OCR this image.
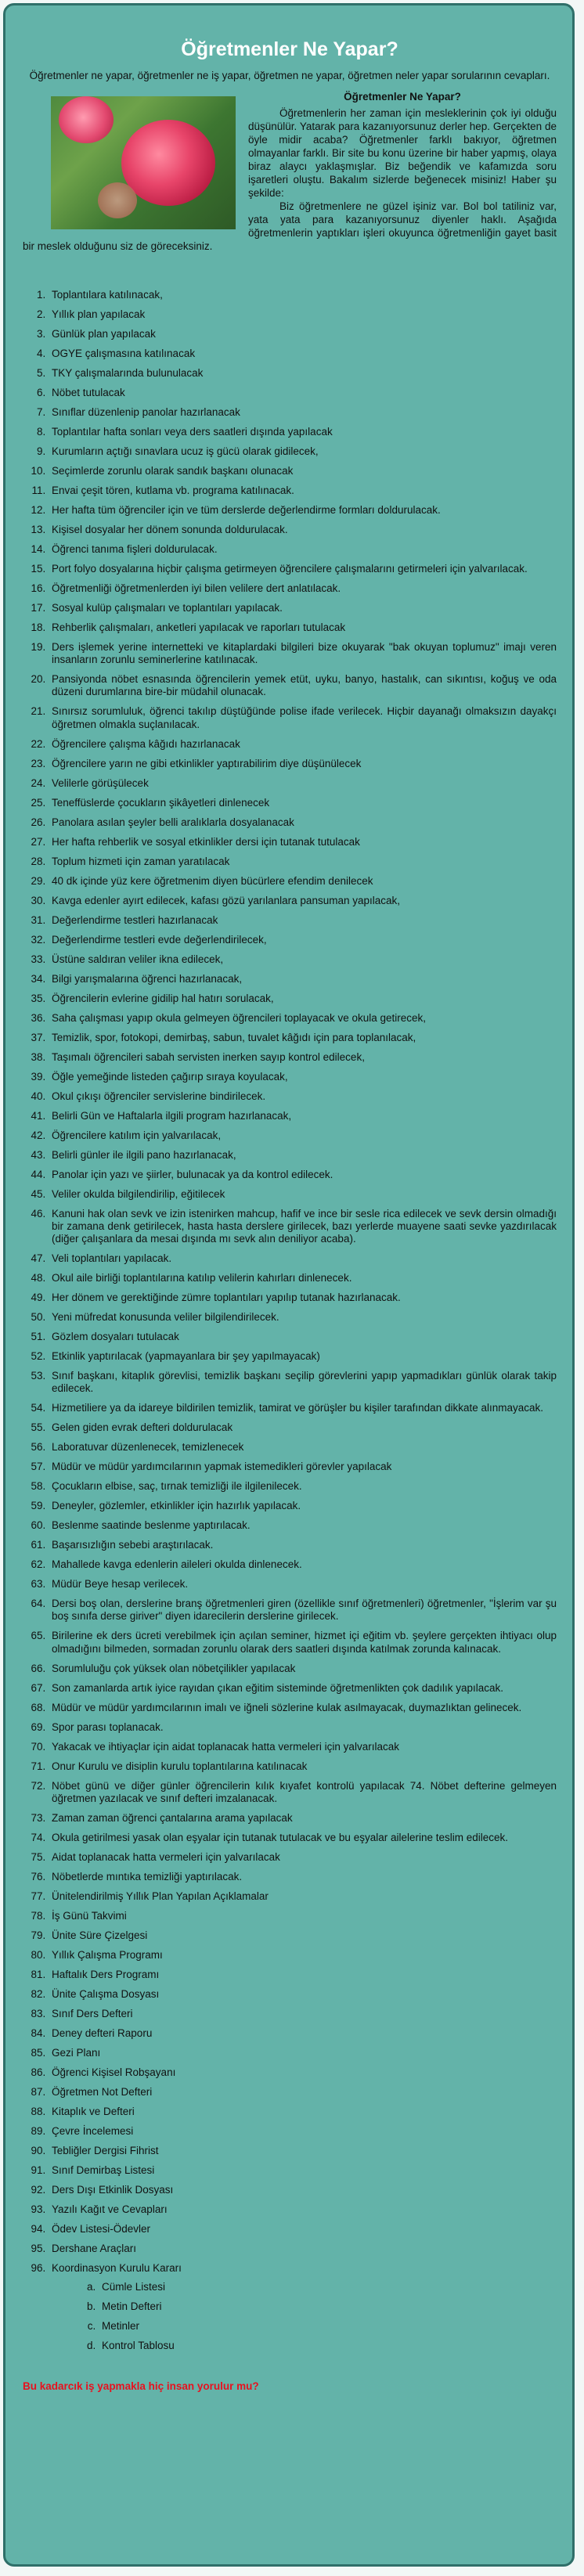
Öğretmenler Ne Yapar?

Öğretmenler ne yapar, öğretmenler ne iş yapar, öğretmen ne yapar, öğretmen neler yapar sorularının cevapları.

Öğretmenler Ne Yapar?

Öğretmenlerin her zaman için mesleklerinin çok iyi olduğu düşünülür. Yatarak para kazanıyorsunuz derler hep. Gerçekten de öyle midir acaba? Öğretmenler farklı bakıyor, öğretmen olmayanlar farklı. Bir site bu konu üzerine bir haber yapmış, olaya biraz alaycı yaklaşmışlar. Biz beğendik ve kafamızda soru işaretleri oluştu. Bakalım sizlerde beğenecek misiniz! Haber şu şekilde:

Biz öğretmenlere ne güzel işiniz var. Bol bol tatiliniz var, yata yata para kazanıyorsunuz diyenler haklı. Aşağıda öğretmenlerin yaptıkları işleri okuyunca öğretmenliğin gayet basit bir meslek olduğunu siz de göreceksiniz.

1. Toplantılara katılınacak,
2. Yıllık plan yapılacak
3. Günlük plan yapılacak
4. OGYE çalışmasına katılınacak
5. TKY çalışmalarında bulunulacak
6. Nöbet tutulacak
7. Sınıflar düzenlenip panolar hazırlanacak
8. Toplantılar hafta sonları veya ders saatleri dışında yapılacak
9. Kurumların açtığı sınavlara ucuz iş gücü olarak gidilecek,
10. Seçimlerde zorunlu olarak sandık başkanı olunacak
11. Envai çeşit tören, kutlama vb. programa katılınacak.
12. Her hafta tüm öğrenciler için ve tüm derslerde değerlendirme formları doldurulacak.
13. Kişisel dosyalar her dönem sonunda doldurulacak.
14. Öğrenci tanıma fişleri doldurulacak.
15. Port folyo dosyalarına hiçbir çalışma getirmeyen öğrencilere çalışmalarını getirmeleri için yalvarılacak.
16. Öğretmenliği öğretmenlerden iyi bilen velilere dert anlatılacak.
17. Sosyal kulüp çalışmaları ve toplantıları yapılacak.
18. Rehberlik çalışmaları, anketleri yapılacak ve raporları tutulacak
19. Ders işlemek yerine internetteki ve kitaplardaki bilgileri bize okuyarak "bak okuyan toplumuz" imajı veren insanların zorunlu seminerlerine katılınacak.
20. Pansiyonda nöbet esnasında öğrencilerin yemek etüt, uyku, banyo, hastalık, can sıkıntısı, koğuş ve oda düzeni durumlarına bire-bir müdahil olunacak.
21. Sınırsız sorumluluk, öğrenci takılıp düştüğünde polise ifade verilecek. Hiçbir dayanağı olmaksızın dayakçı öğretmen olmakla suçlanılacak.
22. Öğrencilere çalışma kâğıdı hazırlanacak
23. Öğrencilere yarın ne gibi etkinlikler yaptırabilirim diye düşünülecek
24. Velilerle görüşülecek
25. Teneffüslerde çocukların şikâyetleri dinlenecek
26. Panolara asılan şeyler belli aralıklarla dosyalanacak
27. Her hafta rehberlik ve sosyal etkinlikler dersi için tutanak tutulacak
28. Toplum hizmeti için zaman yaratılacak
29. 40 dk içinde yüz kere öğretmenim diyen bücürlere efendim denilecek
30. Kavga edenler ayırt edilecek, kafası gözü yarılanlara pansuman yapılacak,
31. Değerlendirme testleri hazırlanacak
32. Değerlendirme testleri evde değerlendirilecek,
33. Üstüne saldıran veliler ikna edilecek,
34. Bilgi yarışmalarına öğrenci hazırlanacak,
35. Öğrencilerin evlerine gidilip hal hatırı sorulacak,
36. Saha çalışması yapıp okula gelmeyen öğrencileri toplayacak ve okula getirecek,
37. Temizlik, spor, fotokopi, demirbaş, sabun, tuvalet kâğıdı için para toplanılacak,
38. Taşımalı öğrencileri sabah servisten inerken sayıp kontrol edilecek,
39. Öğle yemeğinde listeden çağırıp sıraya koyulacak,
40. Okul çıkışı öğrenciler servislerine bindirilecek.
41. Belirli Gün ve Haftalarla ilgili program hazırlanacak,
42. Öğrencilere katılım için yalvarılacak,
43. Belirli günler ile ilgili pano hazırlanacak,
44. Panolar için yazı ve şiirler, bulunacak ya da kontrol edilecek.
45. Veliler okulda bilgilendirilip, eğitilecek
46. Kanuni hak olan sevk ve izin istenirken mahcup, hafif ve ince bir sesle rica edilecek ve sevk dersin olmadığı bir zamana denk getirilecek, hasta hasta derslere girilecek, bazı yerlerde muayene saati sevke yazdırılacak (diğer çalışanlara da mesai dışında mı sevk alın deniliyor acaba).
47. Veli toplantıları yapılacak.
48. Okul aile birliği toplantılarına katılıp velilerin kahırları dinlenecek.
49. Her dönem ve gerektiğinde zümre toplantıları yapılıp tutanak hazırlanacak.
50. Yeni müfredat konusunda veliler bilgilendirilecek.
51. Gözlem dosyaları tutulacak
52. Etkinlik yaptırılacak (yapmayanlara bir şey yapılmayacak)
53. Sınıf başkanı, kitaplık görevlisi, temizlik başkanı seçilip görevlerini yapıp yapmadıkları günlük olarak takip edilecek.
54. Hizmetiliere ya da idareye bildirilen temizlik, tamirat ve görüşler bu kişiler tarafından dikkate alınmayacak.
55. Gelen giden evrak defteri doldurulacak
56. Laboratuvar düzenlenecek, temizlenecek
57. Müdür ve müdür yardımcılarının yapmak istemedikleri görevler yapılacak
58. Çocukların elbise, saç, tırnak temizliği ile ilgilenilecek.
59. Deneyler, gözlemler, etkinlikler için hazırlık yapılacak.
60. Beslenme saatinde beslenme yaptırılacak.
61. Başarısızlığın sebebi araştırılacak.
62. Mahallede kavga edenlerin aileleri okulda dinlenecek.
63. Müdür Beye hesap verilecek.
64. Dersi boş olan, derslerine branş öğretmenleri giren (özellikle sınıf öğretmenleri) öğretmenler, "İşlerim var şu boş sınıfa derse giriver" diyen idarecilerin derslerine girilecek.
65. Birilerine ek ders ücreti verebilmek için açılan seminer, hizmet içi eğitim vb. şeylere gerçekten ihtiyacı olup olmadığını bilmeden, sormadan zorunlu olarak ders saatleri dışında katılmak zorunda kalınacak.
66. Sorumluluğu çok yüksek olan nöbetçilikler yapılacak
67. Son zamanlarda artık iyice rayıdan çıkan eğitim sisteminde öğretmenlikten çok dadılık yapılacak.
68. Müdür ve müdür yardımcılarının imalı ve iğneli sözlerine kulak asılmayacak, duymazlıktan gelinecek.
69. Spor parası toplanacak.
70. Yakacak ve ihtiyaçlar için aidat toplanacak hatta vermeleri için yalvarılacak
71. Onur Kurulu ve disiplin kurulu toplantılarına katılınacak
72. Nöbet günü ve diğer günler öğrencilerin kılık kıyafet kontrolü yapılacak 74. Nöbet defterine gelmeyen öğretmen yazılacak ve sınıf defteri imzalanacak.
73. Zaman zaman öğrenci çantalarına arama yapılacak
74. Okula getirilmesi yasak olan eşyalar için tutanak tutulacak ve bu eşyalar ailelerine teslim edilecek.
75. Aidat toplanacak hatta vermeleri için yalvarılacak
76. Nöbetlerde mıntıka temizliği yaptırılacak.
77. Ünitelendirilmiş Yıllık Plan Yapılan Açıklamalar
78. İş Günü Takvimi
79. Ünite Süre Çizelgesi
80. Yıllık Çalışma Programı
81. Haftalık Ders Programı
82. Ünite Çalışma Dosyası
83. Sınıf Ders Defteri
84. Deney defteri Raporu
85. Gezi Planı
86. Öğrenci Kişisel Robşayanı
87. Öğretmen Not Defteri
88. Kitaplık ve Defteri
89. Çevre İncelemesi
90. Tebliğler Dergisi Fihrist
91. Sınıf Demirbaş Listesi
92. Ders Dışı Etkinlik Dosyası
93. Yazılı Kağıt ve Cevapları
94. Ödev Listesi-Ödevler
95. Dershane Araçları
96. Koordinasyon Kurulu Kararı
a. Cümle Listesi
b. Metin Defteri
c. Metinler
d. Kontrol Tablosu

Bu kadarcık iş yapmakla hiç insan yorulur mu?
